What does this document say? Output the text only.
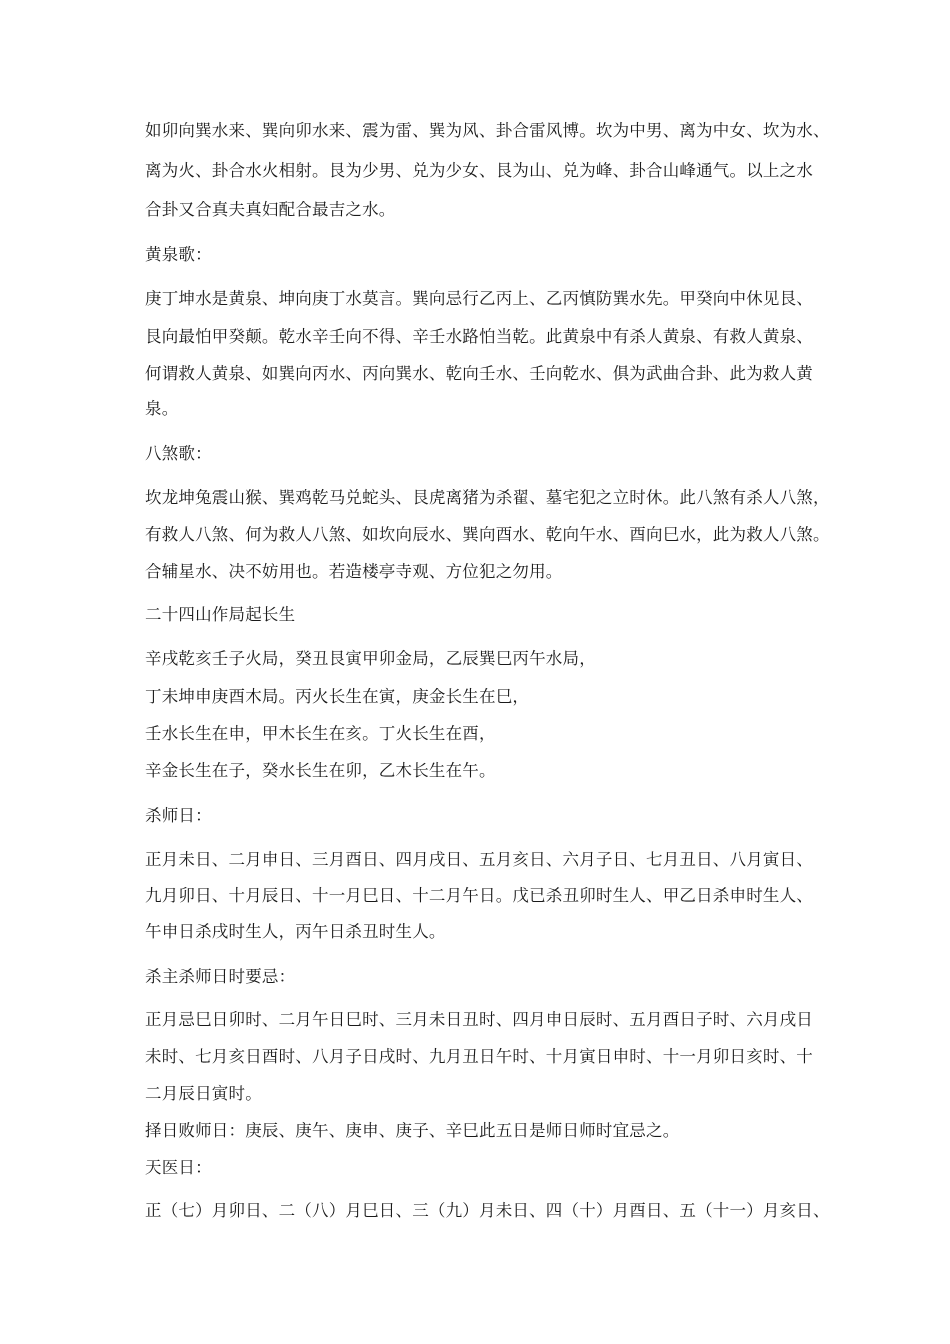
如卯向巽水来、巽向卯水来、震为雷、巽为风、卦合雷风博。坎为中男、离为中女、坎为水、
离为火、卦合水火相射。艮为少男、兑为少女、艮为山、兑为峰、卦合山峰通气。以上之水
合卦又合真夫真妇配合最吉之水。
黄泉歌：
庚丁坤水是黄泉、坤向庚丁水莫言。巽向忌行乙丙上、乙丙慎防巽水先。甲癸向中休见艮、
艮向最怕甲癸颠。乾水辛壬向不得、辛壬水路怕当乾。此黄泉中有杀人黄泉、有救人黄泉、
何谓救人黄泉、如巽向丙水、丙向巽水、乾向壬水、壬向乾水、俱为武曲合卦、此为救人黄
泉。
八煞歌：
坎龙坤兔震山猴、巽鸡乾马兑蛇头、艮虎离猪为杀翟、墓宅犯之立时休。此八煞有杀人八煞，
有救人八煞、何为救人八煞、如坎向辰水、巽向酉水、乾向午水、酉向巳水，此为救人八煞。
合辅星水、决不妨用也。若造楼亭寺观、方位犯之勿用。
二十四山作局起长生
辛戌乾亥壬子火局，癸丑艮寅甲卯金局，乙辰巽巳丙午水局，
丁未坤申庚酉木局。丙火长生在寅，庚金长生在巳，
壬水长生在申，甲木长生在亥。丁火长生在酉，
辛金长生在子，癸水长生在卯，乙木长生在午。
杀师日：
正月未日、二月申日、三月酉日、四月戌日、五月亥日、六月子日、七月丑日、八月寅日、
九月卯日、十月辰日、十一月巳日、十二月午日。戊已杀丑卯时生人、甲乙日杀申时生人、
午申日杀戌时生人，丙午日杀丑时生人。
杀主杀师日时要忌：
正月忌巳日卯时、二月午日巳时、三月未日丑时、四月申日辰时、五月酉日子时、六月戌日
未时、七月亥日酉时、八月子日戌时、九月丑日午时、十月寅日申时、十一月卯日亥时、十
二月辰日寅时。
择日败师日：庚辰、庚午、庚申、庚子、辛巳此五日是师日师时宜忌之。
天医日：
正（七）月卯日、二（八）月巳日、三（九）月未日、四（十）月酉日、五（十一）月亥日、
